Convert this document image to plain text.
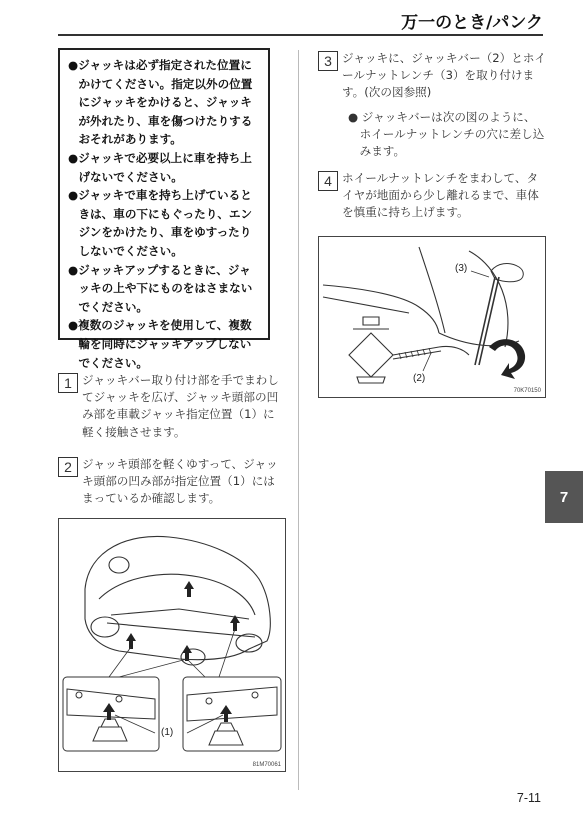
万一のとき/パンク

●ジャッキは必ず指定された位置にかけてください。指定以外の位置にジャッキをかけると、ジャッキが外れたり、車を傷つけたりするおそれがあります。

●ジャッキで必要以上に車を持ち上げないでください。

●ジャッキで車を持ち上げているときは、車の下にもぐったり、エンジンをかけたり、車をゆすったりしないでください。

●ジャッキアップするときに、ジャッキの上や下にものをはさまないでください。

●複数のジャッキを使用して、複数輪を同時にジャッキアップしないでください。

1 ジャッキバー取り付け部を手でまわしてジャッキを広げ、ジャッキ頭部の凹み部を車載ジャッキ指定位置（1）に軽く接触させます。
2 ジャッキ頭部を軽くゆすって、ジャッキ頭部の凹み部が指定位置（1）にはまっているか確認します。
(1)
81M70061
3 ジャッキに、ジャッキバー（2）とホイールナットレンチ（3）を取り付けます。(次の図参照)
● ジャッキバーは次の図のように、ホイールナットレンチの穴に差し込みます。
4 ホイールナットレンチをまわして、タイヤが地面から少し離れるまで、車体を慎重に持ち上げます。
(3)
(2)
70K70150
7
7-11
